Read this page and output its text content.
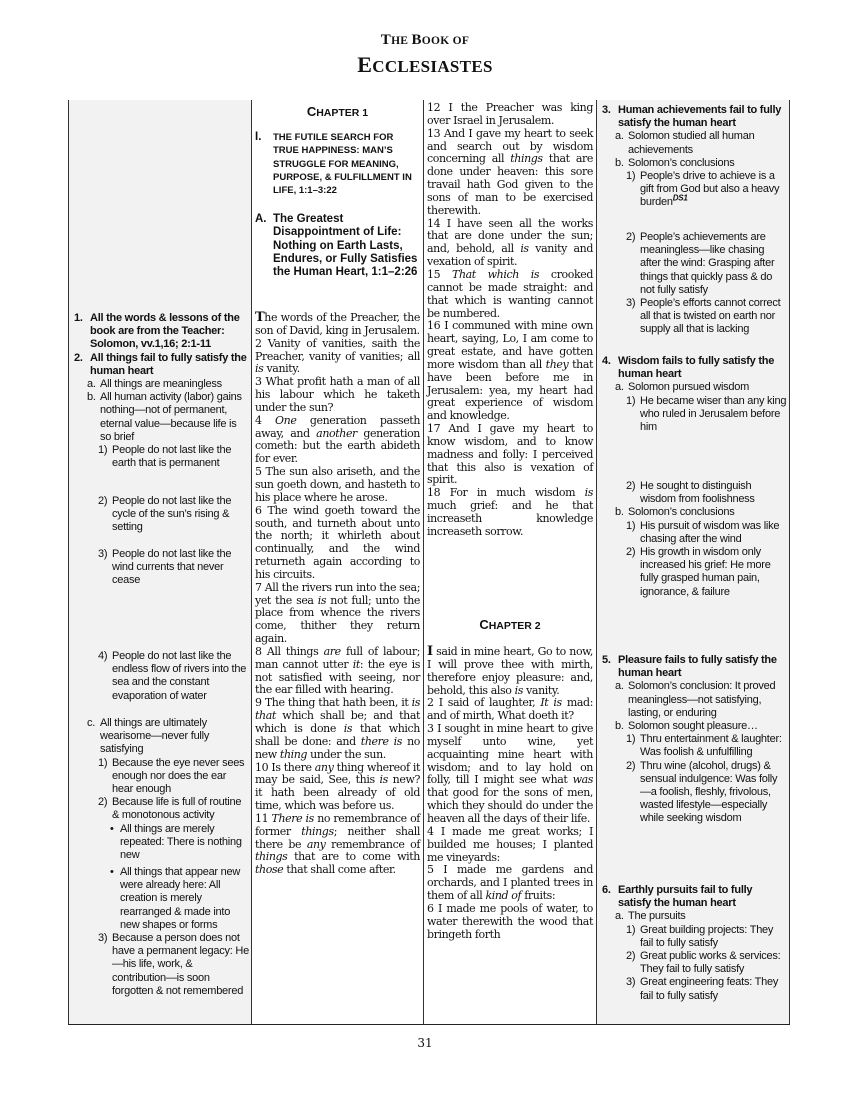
THE BOOK OF
ECCLESIASTES
1. All the words & lessons of the book are from the Teacher: Solomon, vv.1,16; 2:1-11
2. All things fail to fully satisfy the human heart
a. All things are meaningless
b. All human activity (labor) gains nothing—not of permanent, eternal value—because life is so brief
1) People do not last like the earth that is permanent
2) People do not last like the cycle of the sun’s rising & setting
3) People do not last like the wind currents that never cease
4) People do not last like the endless flow of rivers into the sea and the constant evaporation of water
c. All things are ultimately wearisome—never fully satisfying
1) Because the eye never sees enough nor does the ear hear enough
2) Because life is full of routine & monotonous activity
• All things are merely repeated: There is nothing new
• All things that appear new were already here: All creation is merely rearranged & made into new shapes or forms
3) Because a person does not have a permanent legacy: He—his life, work, & contribution—is soon forgotten & not remembered
CHAPTER 1
I. THE FUTILE SEARCH FOR TRUE HAPPINESS: MAN’S STRUGGLE FOR MEANING, PURPOSE, & FULFILLMENT IN LIFE, 1:1–3:22
A. The Greatest Disappointment of Life: Nothing on Earth Lasts, Endures, or Fully Satisfies the Human Heart, 1:1–2:26

The words of the Preacher, the son of David, king in Jerusalem.

2 Vanity of vanities, saith the Preacher, vanity of vanities; all is vanity.

3 What profit hath a man of all his labour which he taketh under the sun?

4 One generation passeth away, and another generation cometh: but the earth abideth for ever.

5 The sun also ariseth, and the sun goeth down, and hasteth to his place where he arose.

6 The wind goeth toward the south, and turneth about unto the north; it whirleth about continually, and the wind returneth again according to his circuits.

7 All the rivers run into the sea; yet the sea is not full; unto the place from whence the rivers come, thither they return again.

8 All things are full of labour; man cannot utter it: the eye is not satisfied with seeing, nor the ear filled with hearing.

9 The thing that hath been, it is that which shall be; and that which is done is that which shall be done: and there is no new thing under the sun.

10 Is there any thing whereof it may be said, See, this is new? it hath been already of old time, which was before us.

11 There is no remembrance of former things; neither shall there be any remembrance of things that are to come with those that shall come after.

12 I the Preacher was king over Israel in Jerusalem.

13 And I gave my heart to seek and search out by wisdom concerning all things that are done under heaven: this sore travail hath God given to the sons of man to be exercised therewith.

14 I have seen all the works that are done under the sun; and, behold, all is vanity and vexation of spirit.

15 That which is crooked cannot be made straight: and that which is wanting cannot be numbered.

16 I communed with mine own heart, saying, Lo, I am come to great estate, and have gotten more wisdom than all they that have been before me in Jerusalem: yea, my heart had great experience of wisdom and knowledge.

17 And I gave my heart to know wisdom, and to know madness and folly: I perceived that this also is vexation of spirit.

18 For in much wisdom is much grief: and he that increaseth knowledge increaseth sorrow.

CHAPTER 2

I said in mine heart, Go to now, I will prove thee with mirth, therefore enjoy pleasure: and, behold, this also is vanity.

2 I said of laughter, It is mad: and of mirth, What doeth it?

3 I sought in mine heart to give myself unto wine, yet acquainting mine heart with wisdom; and to lay hold on folly, till I might see what was that good for the sons of men, which they should do under the heaven all the days of their life.

4 I made me great works; I builded me houses; I planted me vineyards:

5 I made me gardens and orchards, and I planted trees in them of all kind of fruits:

6 I made me pools of water, to water therewith the wood that bringeth forth

3. Human achievements fail to fully satisfy the human heart
a. Solomon studied all human achievements
b. Solomon’s conclusions
1) People’s drive to achieve is a gift from God but also a heavy burden$^{DS1}$
2) People’s achievements are meaningless—like chasing after the wind: Grasping after things that quickly pass & do not fully satisfy
3) People’s efforts cannot correct all that is twisted on earth nor supply all that is lacking
4. Wisdom fails to fully satisfy the human heart
a. Solomon pursued wisdom
1) He became wiser than any king who ruled in Jerusalem before him
2) He sought to distinguish wisdom from foolishness
b. Solomon’s conclusions
1) His pursuit of wisdom was like chasing after the wind
2) His growth in wisdom only increased his grief: He more fully grasped human pain, ignorance, & failure
5. Pleasure fails to fully satisfy the human heart
a. Solomon’s conclusion: It proved meaningless—not satisfying, lasting, or enduring
b. Solomon sought pleasure…
1) Thru entertainment & laughter: Was foolish & unfulfilling
2) Thru wine (alcohol, drugs) & sensual indulgence: Was folly—a foolish, fleshly, frivolous, wasted lifestyle—especially while seeking wisdom
6. Earthly pursuits fail to fully satisfy the human heart
a. The pursuits
1) Great building projects: They fail to fully satisfy
2) Great public works & services: They fail to fully satisfy
3) Great engineering feats: They fail to fully satisfy
31
